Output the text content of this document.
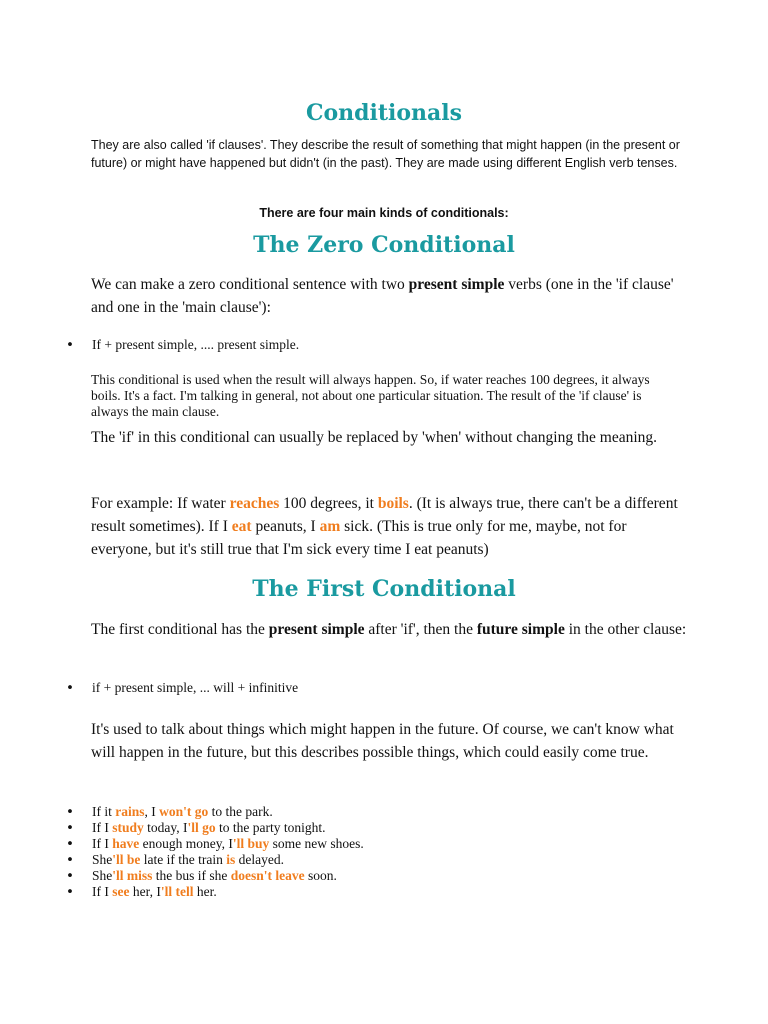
Conditionals

They are also called 'if clauses'. They describe the result of something that might happen (in the present or future) or might have happened but didn't (in the past). They are made using different English verb tenses.

There are four main kinds of conditionals:

The Zero Conditional

We can make a zero conditional sentence with two present simple verbs (one in the 'if clause' and one in the 'main clause'):

• If + present simple, .... present simple.

This conditional is used when the result will always happen. So, if water reaches 100 degrees, it always boils. It's a fact. I'm talking in general, not about one particular situation. The result of the 'if clause' is always the main clause.

The 'if' in this conditional can usually be replaced by 'when' without changing the meaning.

For example: If water reaches 100 degrees, it boils. (It is always true, there can't be a different result sometimes). If I eat peanuts, I am sick. (This is true only for me, maybe, not for everyone, but it's still true that I'm sick every time I eat peanuts)

The First Conditional

The first conditional has the present simple after 'if', then the future simple in the other clause:

• if + present simple, ... will + infinitive

It's used to talk about things which might happen in the future. Of course, we can't know what will happen in the future, but this describes possible things, which could easily come true.

• If it rains, I won't go to the park.
• If I study today, I'll go to the party tonight.
• If I have enough money, I'll buy some new shoes.
• She'll be late if the train is delayed.
• She'll miss the bus if she doesn't leave soon.
• If I see her, I'll tell her.
